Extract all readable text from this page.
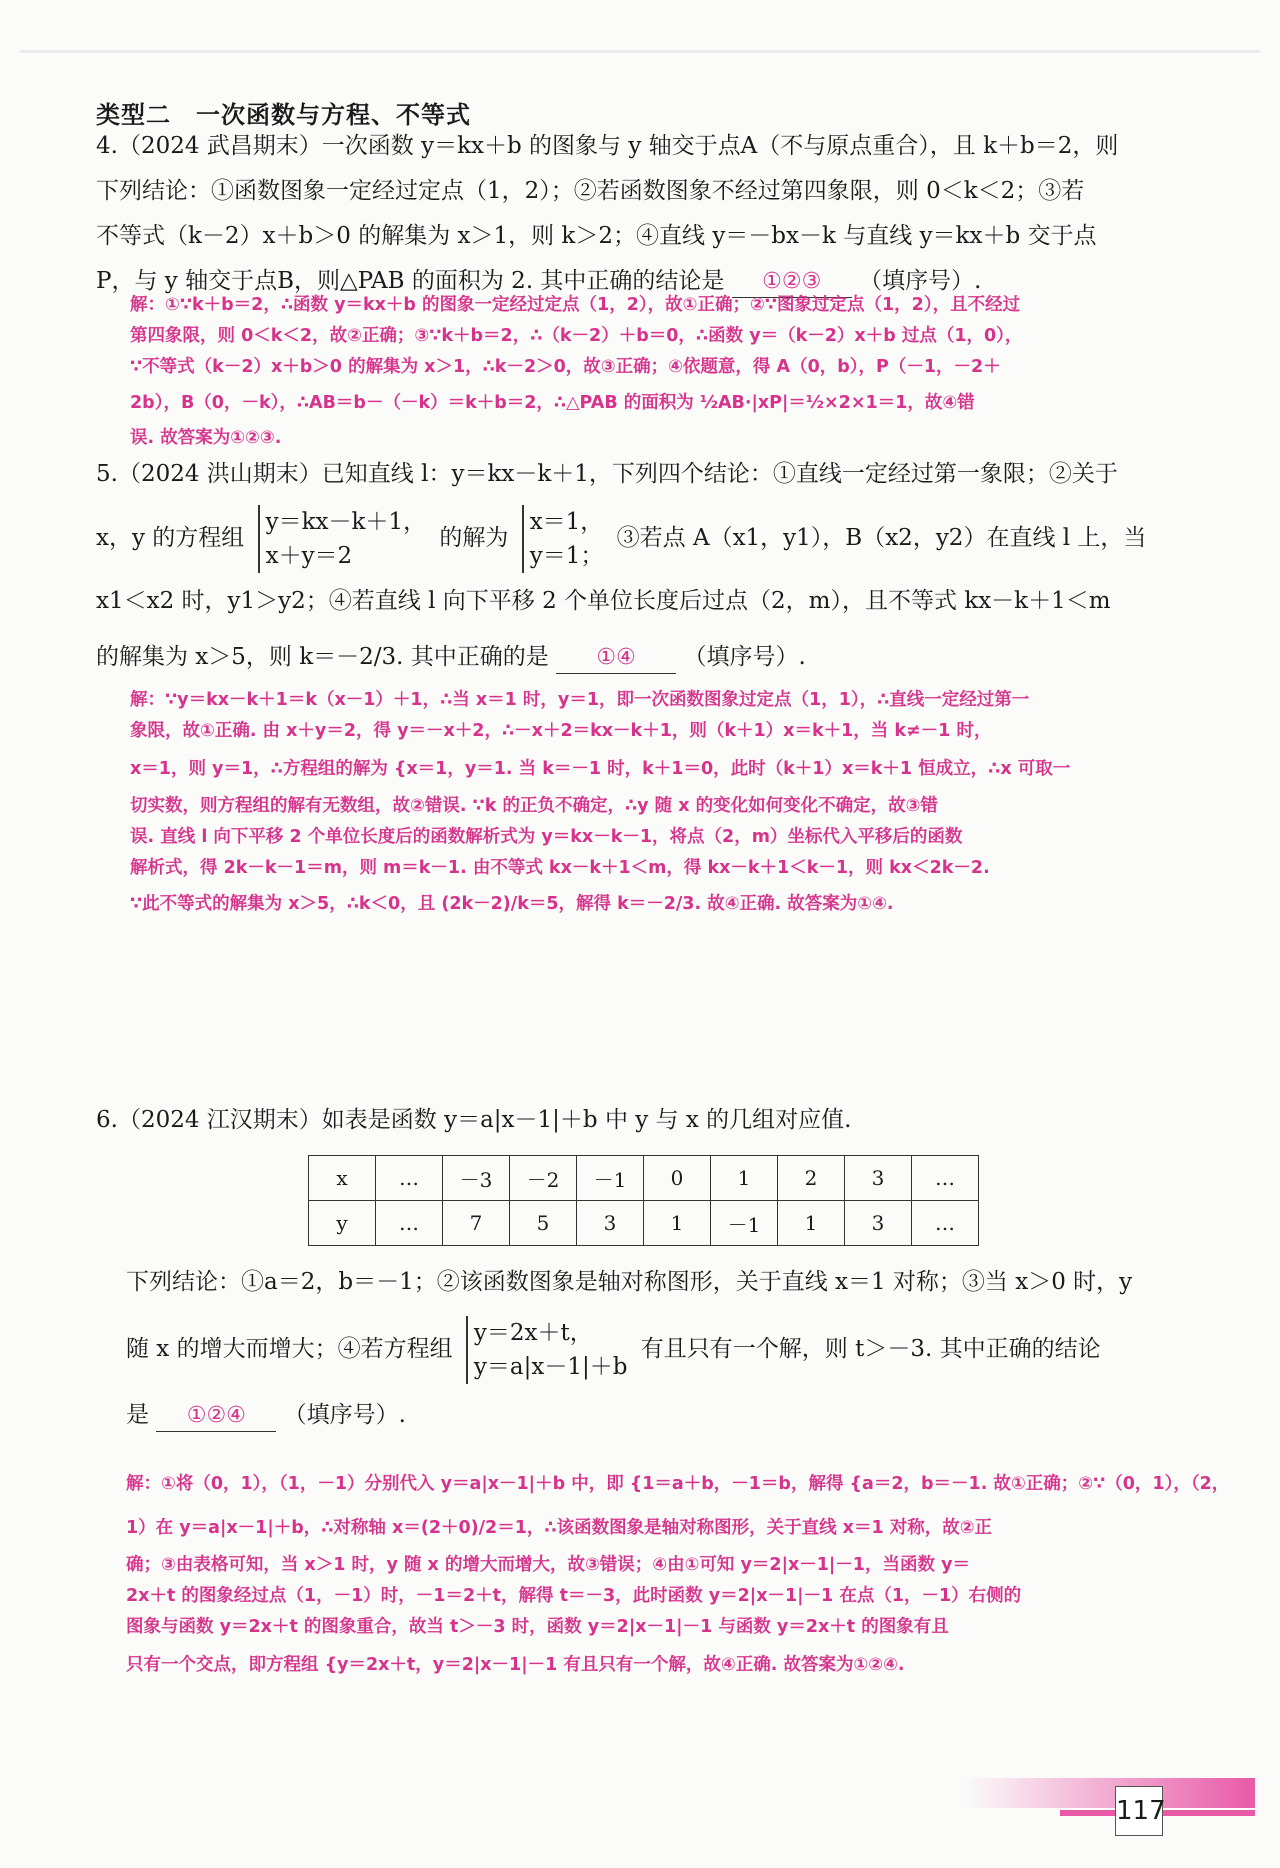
类型二　一次函数与方程、不等式
4.（2024 武昌期末）一次函数 y＝kx＋b 的图象与 y 轴交于点A（不与原点重合），且 k＋b＝2，则
下列结论：①函数图象一定经过定点（1，2）；②若函数图象不经过第四象限，则 0＜k＜2；③若
不等式（k－2）x＋b＞0 的解集为 x＞1，则 k＞2；④直线 y＝－bx－k 与直线 y＝kx＋b 交于点
P，与 y 轴交于点B，则△PAB 的面积为 2. 其中正确的结论是 ①②③ （填序号）.
解：①∵k＋b＝2，∴函数 y＝kx＋b 的图象一定经过定点（1，2），故①正确；②∵图象过定点（1，2），且不经过
第四象限，则 0＜k＜2，故②正确；③∵k＋b＝2，∴（k－2）＋b＝0，∴函数 y＝（k－2）x＋b 过点（1，0），
∵不等式（k－2）x＋b＞0 的解集为 x＞1，∴k－2＞0，故③正确；④依题意，得 A（0，b），P（－1，－2＋
2b），B（0，－k），∴AB＝b－（－k）＝k＋b＝2，∴△PAB 的面积为 ½AB·|xP|＝½×2×1＝1，故④错
误. 故答案为①②③.
5.（2024 洪山期末）已知直线 l：y＝kx－k＋1，下列四个结论：①直线一定经过第一象限；②关于
x，y 的方程组
y＝kx－k＋1，
x＋y＝2
的解为
x＝1，
y＝1；
③若点 A（x1，y1），B（x2，y2）在直线 l 上，当
x1＜x2 时，y1＞y2；④若直线 l 向下平移 2 个单位长度后过点（2，m），且不等式 kx－k＋1＜m
的解集为 x＞5，则 k＝－2/3. 其中正确的是 ①④ （填序号）.
解：∵y＝kx－k＋1＝k（x－1）＋1，∴当 x＝1 时，y＝1，即一次函数图象过定点（1，1），∴直线一定经过第一
象限，故①正确. 由 x＋y＝2，得 y＝－x＋2，∴－x＋2＝kx－k＋1，则（k＋1）x＝k＋1，当 k≠－1 时，
x＝1，则 y＝1，∴方程组的解为 {x＝1，y＝1. 当 k＝－1 时，k＋1＝0，此时（k＋1）x＝k＋1 恒成立，∴x 可取一
切实数，则方程组的解有无数组，故②错误. ∵k 的正负不确定，∴y 随 x 的变化如何变化不确定，故③错
误. 直线 l 向下平移 2 个单位长度后的函数解析式为 y＝kx－k－1，将点（2，m）坐标代入平移后的函数
解析式，得 2k－k－1＝m，则 m＝k－1. 由不等式 kx－k＋1＜m，得 kx－k＋1＜k－1，则 kx＜2k－2.
∵此不等式的解集为 x＞5，∴k＜0，且 (2k－2)/k＝5，解得 k＝－2/3. 故④正确. 故答案为①④.
6.（2024 江汉期末）如表是函数 y＝a|x－1|＋b 中 y 与 x 的几组对应值.
x	…	－3	－2	－1	0	1	2	3	…
y	…	7	5	3	1	－1	1	3	…
下列结论：①a＝2，b＝－1；②该函数图象是轴对称图形，关于直线 x＝1 对称；③当 x＞0 时，y
随 x 的增大而增大；④若方程组
y＝2x＋t，
y＝a|x－1|＋b
有且只有一个解，则 t＞－3. 其中正确的结论
是 ①②④ （填序号）.
解：①将（0，1），（1，－1）分别代入 y＝a|x－1|＋b 中，即 {1＝a＋b，－1＝b，解得 {a＝2，b＝－1. 故①正确；②∵（0，1），（2，
1）在 y＝a|x－1|＋b，∴对称轴 x＝(2＋0)/2＝1，∴该函数图象是轴对称图形，关于直线 x＝1 对称，故②正
确；③由表格可知，当 x＞1 时，y 随 x 的增大而增大，故③错误；④由①可知 y＝2|x－1|－1，当函数 y＝
2x＋t 的图象经过点（1，－1）时，－1＝2＋t，解得 t＝－3，此时函数 y＝2|x－1|－1 在点（1，－1）右侧的
图象与函数 y＝2x＋t 的图象重合，故当 t＞－3 时，函数 y＝2|x－1|－1 与函数 y＝2x＋t 的图象有且
只有一个交点，即方程组 {y＝2x＋t，y＝2|x－1|－1 有且只有一个解，故④正确. 故答案为①②④.
117
